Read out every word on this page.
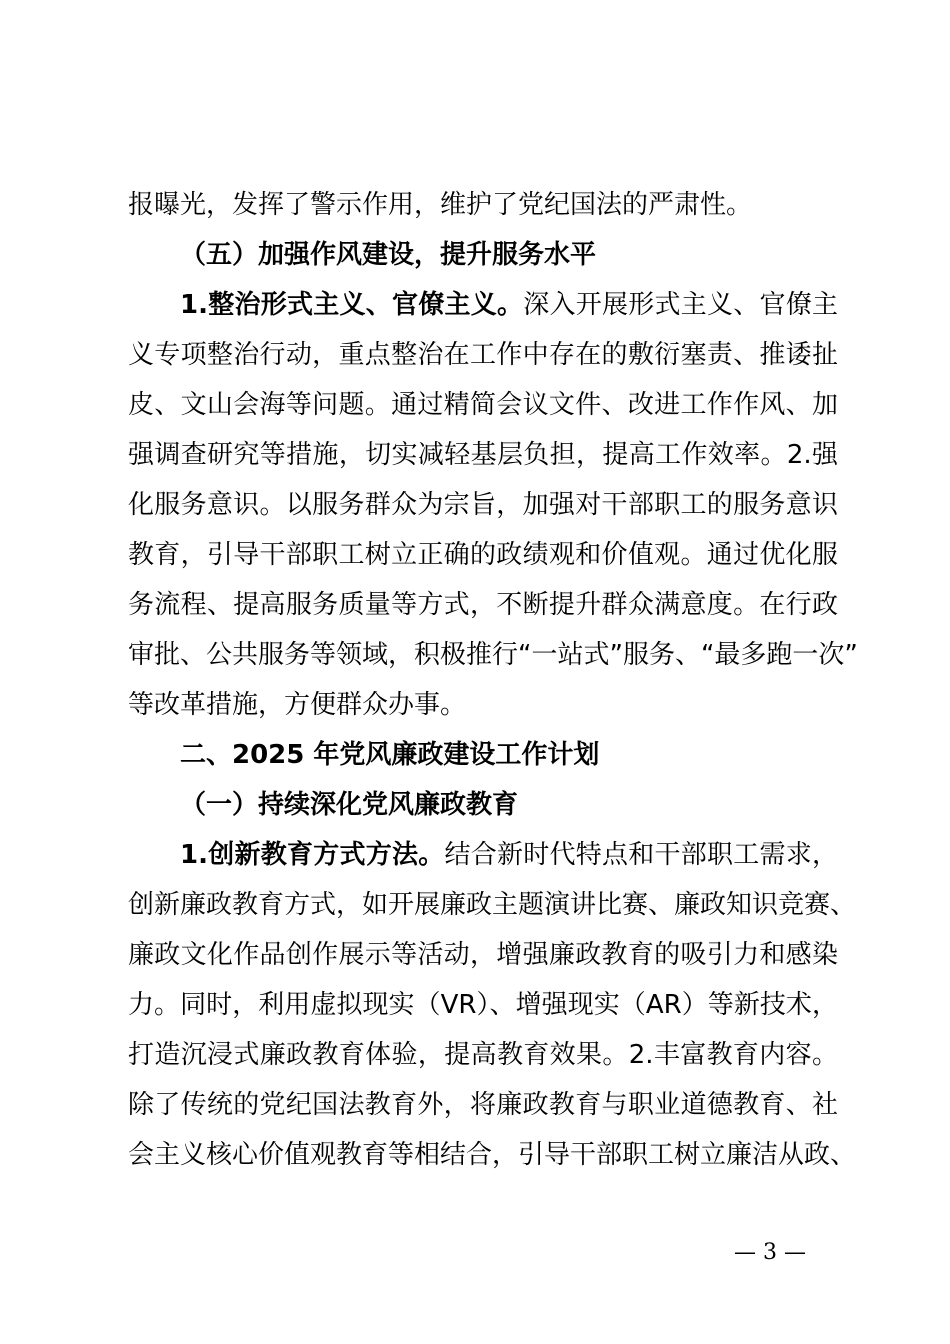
报曝光，发挥了警示作用，维护了党纪国法的严肃性。
（五）加强作风建设，提升服务水平
1.整治形式主义、官僚主义。深入开展形式主义、官僚主
义专项整治行动，重点整治在工作中存在的敷衍塞责、推诿扯
皮、文山会海等问题。通过精简会议文件、改进工作作风、加
强调查研究等措施，切实减轻基层负担，提高工作效率。2.强
化服务意识。以服务群众为宗旨，加强对干部职工的服务意识
教育，引导干部职工树立正确的政绩观和价值观。通过优化服
务流程、提高服务质量等方式，不断提升群众满意度。在行政
审批、公共服务等领域，积极推行“一站式”服务、“最多跑一次”
等改革措施，方便群众办事。
二、2025 年党风廉政建设工作计划
（一）持续深化党风廉政教育
1.创新教育方式方法。结合新时代特点和干部职工需求，
创新廉政教育方式，如开展廉政主题演讲比赛、廉政知识竞赛、
廉政文化作品创作展示等活动，增强廉政教育的吸引力和感染
力。同时，利用虚拟现实（VR）、增强现实（AR）等新技术，
打造沉浸式廉政教育体验，提高教育效果。2.丰富教育内容。
除了传统的党纪国法教育外，将廉政教育与职业道德教育、社
会主义核心价值观教育等相结合，引导干部职工树立廉洁从政、
— 3 —
